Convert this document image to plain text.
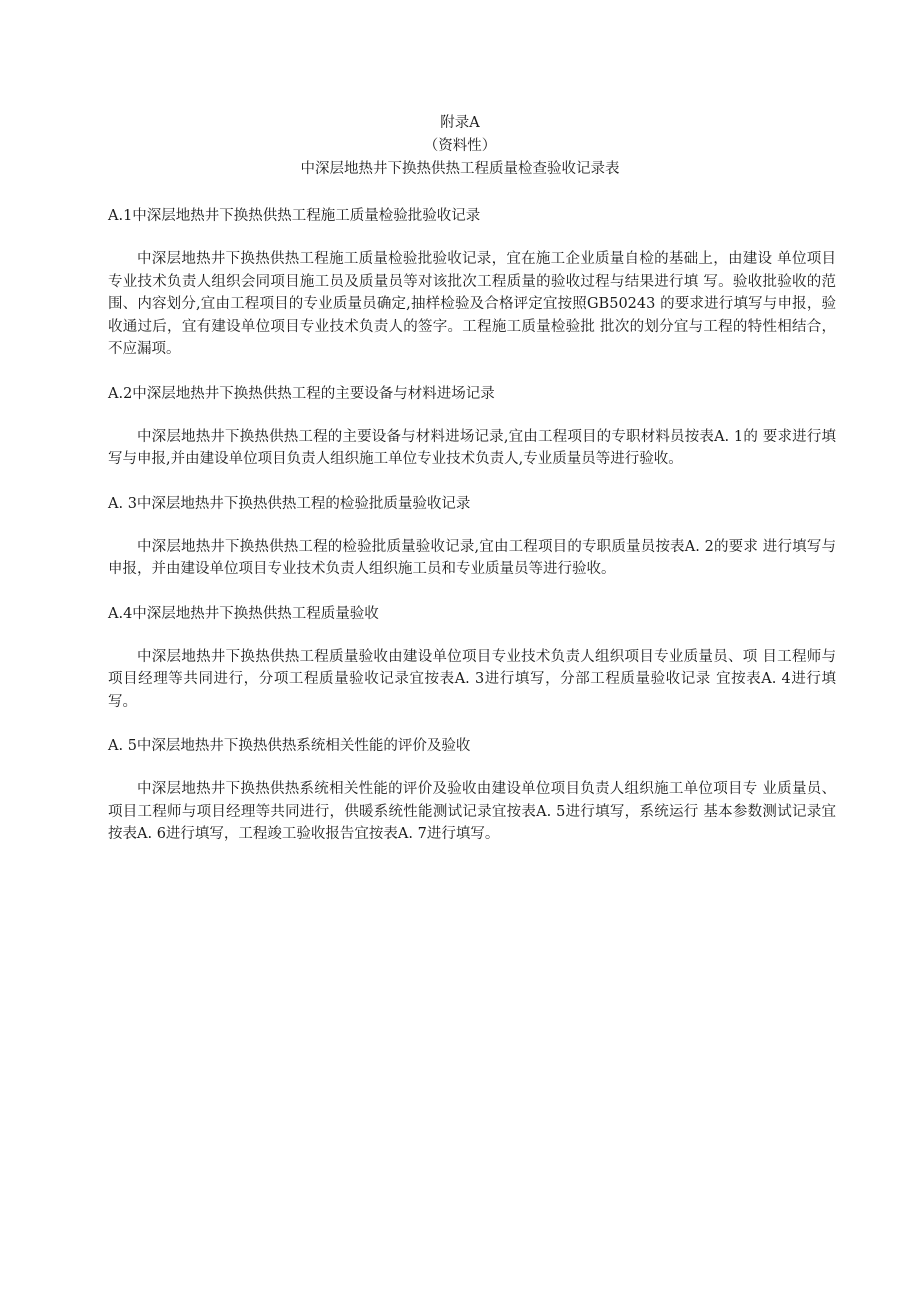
附录A
（资料性）
中深层地热井下换热供热工程质量检查验收记录表

A.1中深层地热井下换热供热工程施工质量检验批验收记录

中深层地热井下换热供热工程施工质量检验批验收记录，宜在施工企业质量自检的基础上，由建设 单位项目专业技术负责人组织会同项目施工员及质量员等对该批次工程质量的验收过程与结果进行填 写。验收批验收的范围、内容划分,宜由工程项目的专业质量员确定,抽样检验及合格评定宜按照GB50243 的要求进行填写与申报，验收通过后，宜有建设单位项目专业技术负责人的签字。工程施工质量检验批 批次的划分宜与工程的特性相结合，不应漏项。

A.2中深层地热井下换热供热工程的主要设备与材料进场记录

中深层地热井下换热供热工程的主要设备与材料进场记录,宜由工程项目的专职材料员按表A. 1的 要求进行填写与申报,并由建设单位项目负责人组织施工单位专业技术负责人,专业质量员等进行验收。

A. 3中深层地热井下换热供热工程的检验批质量验收记录

中深层地热井下换热供热工程的检验批质量验收记录,宜由工程项目的专职质量员按表A. 2的要求 进行填写与申报，并由建设单位项目专业技术负责人组织施工员和专业质量员等进行验收。

A.4中深层地热井下换热供热工程质量验收

中深层地热井下换热供热工程质量验收由建设单位项目专业技术负责人组织项目专业质量员、项 目工程师与项目经理等共同进行，分项工程质量验收记录宜按表A. 3进行填写，分部工程质量验收记录 宜按表A. 4进行填写。

A. 5中深层地热井下换热供热系统相关性能的评价及验收

中深层地热井下换热供热系统相关性能的评价及验收由建设单位项目负责人组织施工单位项目专 业质量员、项目工程师与项目经理等共同进行，供暖系统性能测试记录宜按表A. 5进行填写，系统运行 基本参数测试记录宜按表A. 6进行填写，工程竣工验收报告宜按表A. 7进行填写。
